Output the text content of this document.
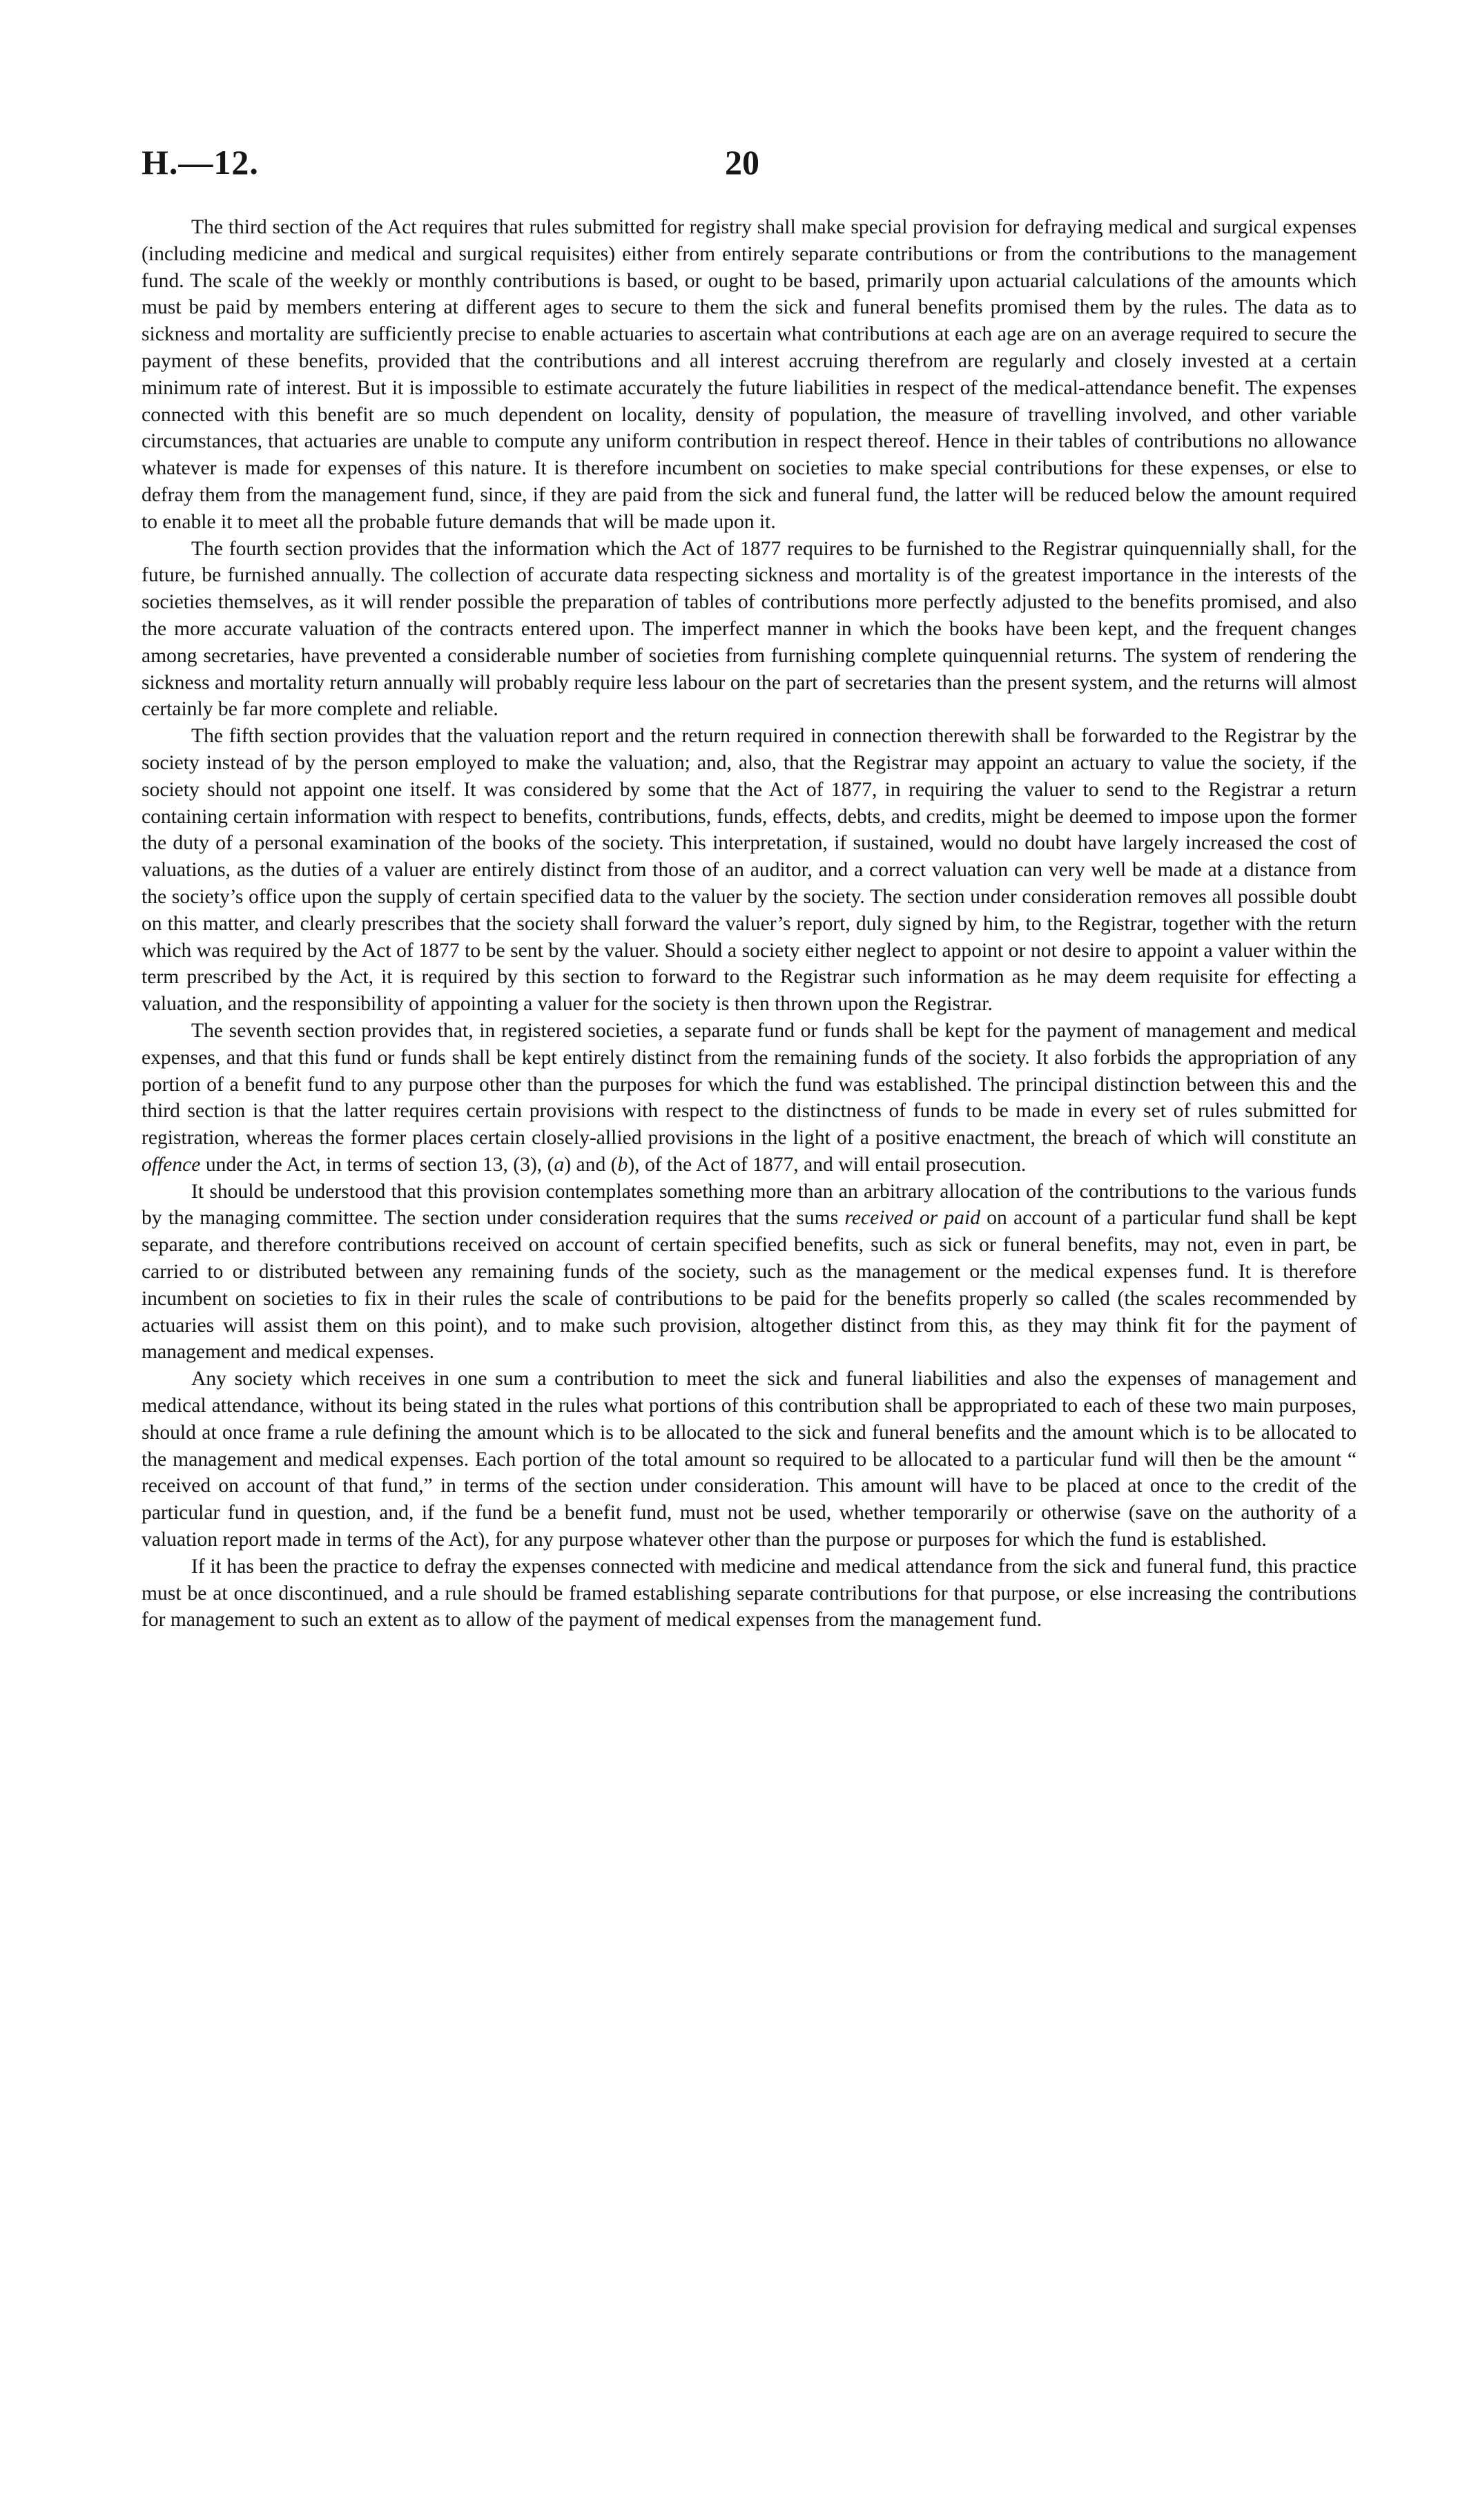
H.—12.	20

The third section of the Act requires that rules submitted for registry shall make special provision for defraying medical and surgical expenses (including medicine and medical and surgical requisites) either from entirely separate contributions or from the contributions to the management fund. The scale of the weekly or monthly contributions is based, or ought to be based, primarily upon actuarial calculations of the amounts which must be paid by members entering at different ages to secure to them the sick and funeral benefits promised them by the rules. The data as to sickness and mortality are sufficiently precise to enable actuaries to ascertain what contributions at each age are on an average required to secure the payment of these benefits, provided that the contributions and all interest accruing therefrom are regularly and closely invested at a certain minimum rate of interest. But it is impossible to estimate accurately the future liabilities in respect of the medical-attendance benefit. The expenses connected with this benefit are so much dependent on locality, density of population, the measure of travelling involved, and other variable circumstances, that actuaries are unable to compute any uniform contribution in respect thereof. Hence in their tables of contributions no allowance whatever is made for expenses of this nature. It is therefore incumbent on societies to make special contributions for these expenses, or else to defray them from the management fund, since, if they are paid from the sick and funeral fund, the latter will be reduced below the amount required to enable it to meet all the probable future demands that will be made upon it.

The fourth section provides that the information which the Act of 1877 requires to be furnished to the Registrar quinquennially shall, for the future, be furnished annually. The collection of accurate data respecting sickness and mortality is of the greatest importance in the interests of the societies themselves, as it will render possible the preparation of tables of contributions more perfectly adjusted to the benefits promised, and also the more accurate valuation of the contracts entered upon. The imperfect manner in which the books have been kept, and the frequent changes among secretaries, have prevented a considerable number of societies from furnishing complete quinquennial returns. The system of rendering the sickness and mortality return annually will probably require less labour on the part of secretaries than the present system, and the returns will almost certainly be far more complete and reliable.

The fifth section provides that the valuation report and the return required in connection therewith shall be forwarded to the Registrar by the society instead of by the person employed to make the valuation; and, also, that the Registrar may appoint an actuary to value the society, if the society should not appoint one itself. It was considered by some that the Act of 1877, in requiring the valuer to send to the Registrar a return containing certain information with respect to benefits, contributions, funds, effects, debts, and credits, might be deemed to impose upon the former the duty of a personal examination of the books of the society. This interpretation, if sustained, would no doubt have largely increased the cost of valuations, as the duties of a valuer are entirely distinct from those of an auditor, and a correct valuation can very well be made at a distance from the society’s office upon the supply of certain specified data to the valuer by the society. The section under consideration removes all possible doubt on this matter, and clearly prescribes that the society shall forward the valuer’s report, duly signed by him, to the Registrar, together with the return which was required by the Act of 1877 to be sent by the valuer. Should a society either neglect to appoint or not desire to appoint a valuer within the term prescribed by the Act, it is required by this section to forward to the Registrar such information as he may deem requisite for effecting a valuation, and the responsibility of appointing a valuer for the society is then thrown upon the Registrar.

The seventh section provides that, in registered societies, a separate fund or funds shall be kept for the payment of management and medical expenses, and that this fund or funds shall be kept entirely distinct from the remaining funds of the society. It also forbids the appropriation of any portion of a benefit fund to any purpose other than the purposes for which the fund was established. The principal distinction between this and the third section is that the latter requires certain provisions with respect to the distinctness of funds to be made in every set of rules submitted for registration, whereas the former places certain closely-allied provisions in the light of a positive enactment, the breach of which will constitute an offence under the Act, in terms of section 13, (3), (a) and (b), of the Act of 1877, and will entail prosecution.

It should be understood that this provision contemplates something more than an arbitrary allocation of the contributions to the various funds by the managing committee. The section under consideration requires that the sums received or paid on account of a particular fund shall be kept separate, and therefore contributions received on account of certain specified benefits, such as sick or funeral benefits, may not, even in part, be carried to or distributed between any remaining funds of the society, such as the management or the medical expenses fund. It is therefore incumbent on societies to fix in their rules the scale of contributions to be paid for the benefits properly so called (the scales recommended by actuaries will assist them on this point), and to make such provision, altogether distinct from this, as they may think fit for the payment of management and medical expenses.

Any society which receives in one sum a contribution to meet the sick and funeral liabilities and also the expenses of management and medical attendance, without its being stated in the rules what portions of this contribution shall be appropriated to each of these two main purposes, should at once frame a rule defining the amount which is to be allocated to the sick and funeral benefits and the amount which is to be allocated to the management and medical expenses. Each portion of the total amount so required to be allocated to a particular fund will then be the amount “ received on account of that fund,” in terms of the section under consideration. This amount will have to be placed at once to the credit of the particular fund in question, and, if the fund be a benefit fund, must not be used, whether temporarily or otherwise (save on the authority of a valuation report made in terms of the Act), for any purpose whatever other than the purpose or purposes for which the fund is established.

If it has been the practice to defray the expenses connected with medicine and medical attendance from the sick and funeral fund, this practice must be at once discontinued, and a rule should be framed establishing separate contributions for that purpose, or else increasing the contributions for management to such an extent as to allow of the payment of medical expenses from the management fund.
